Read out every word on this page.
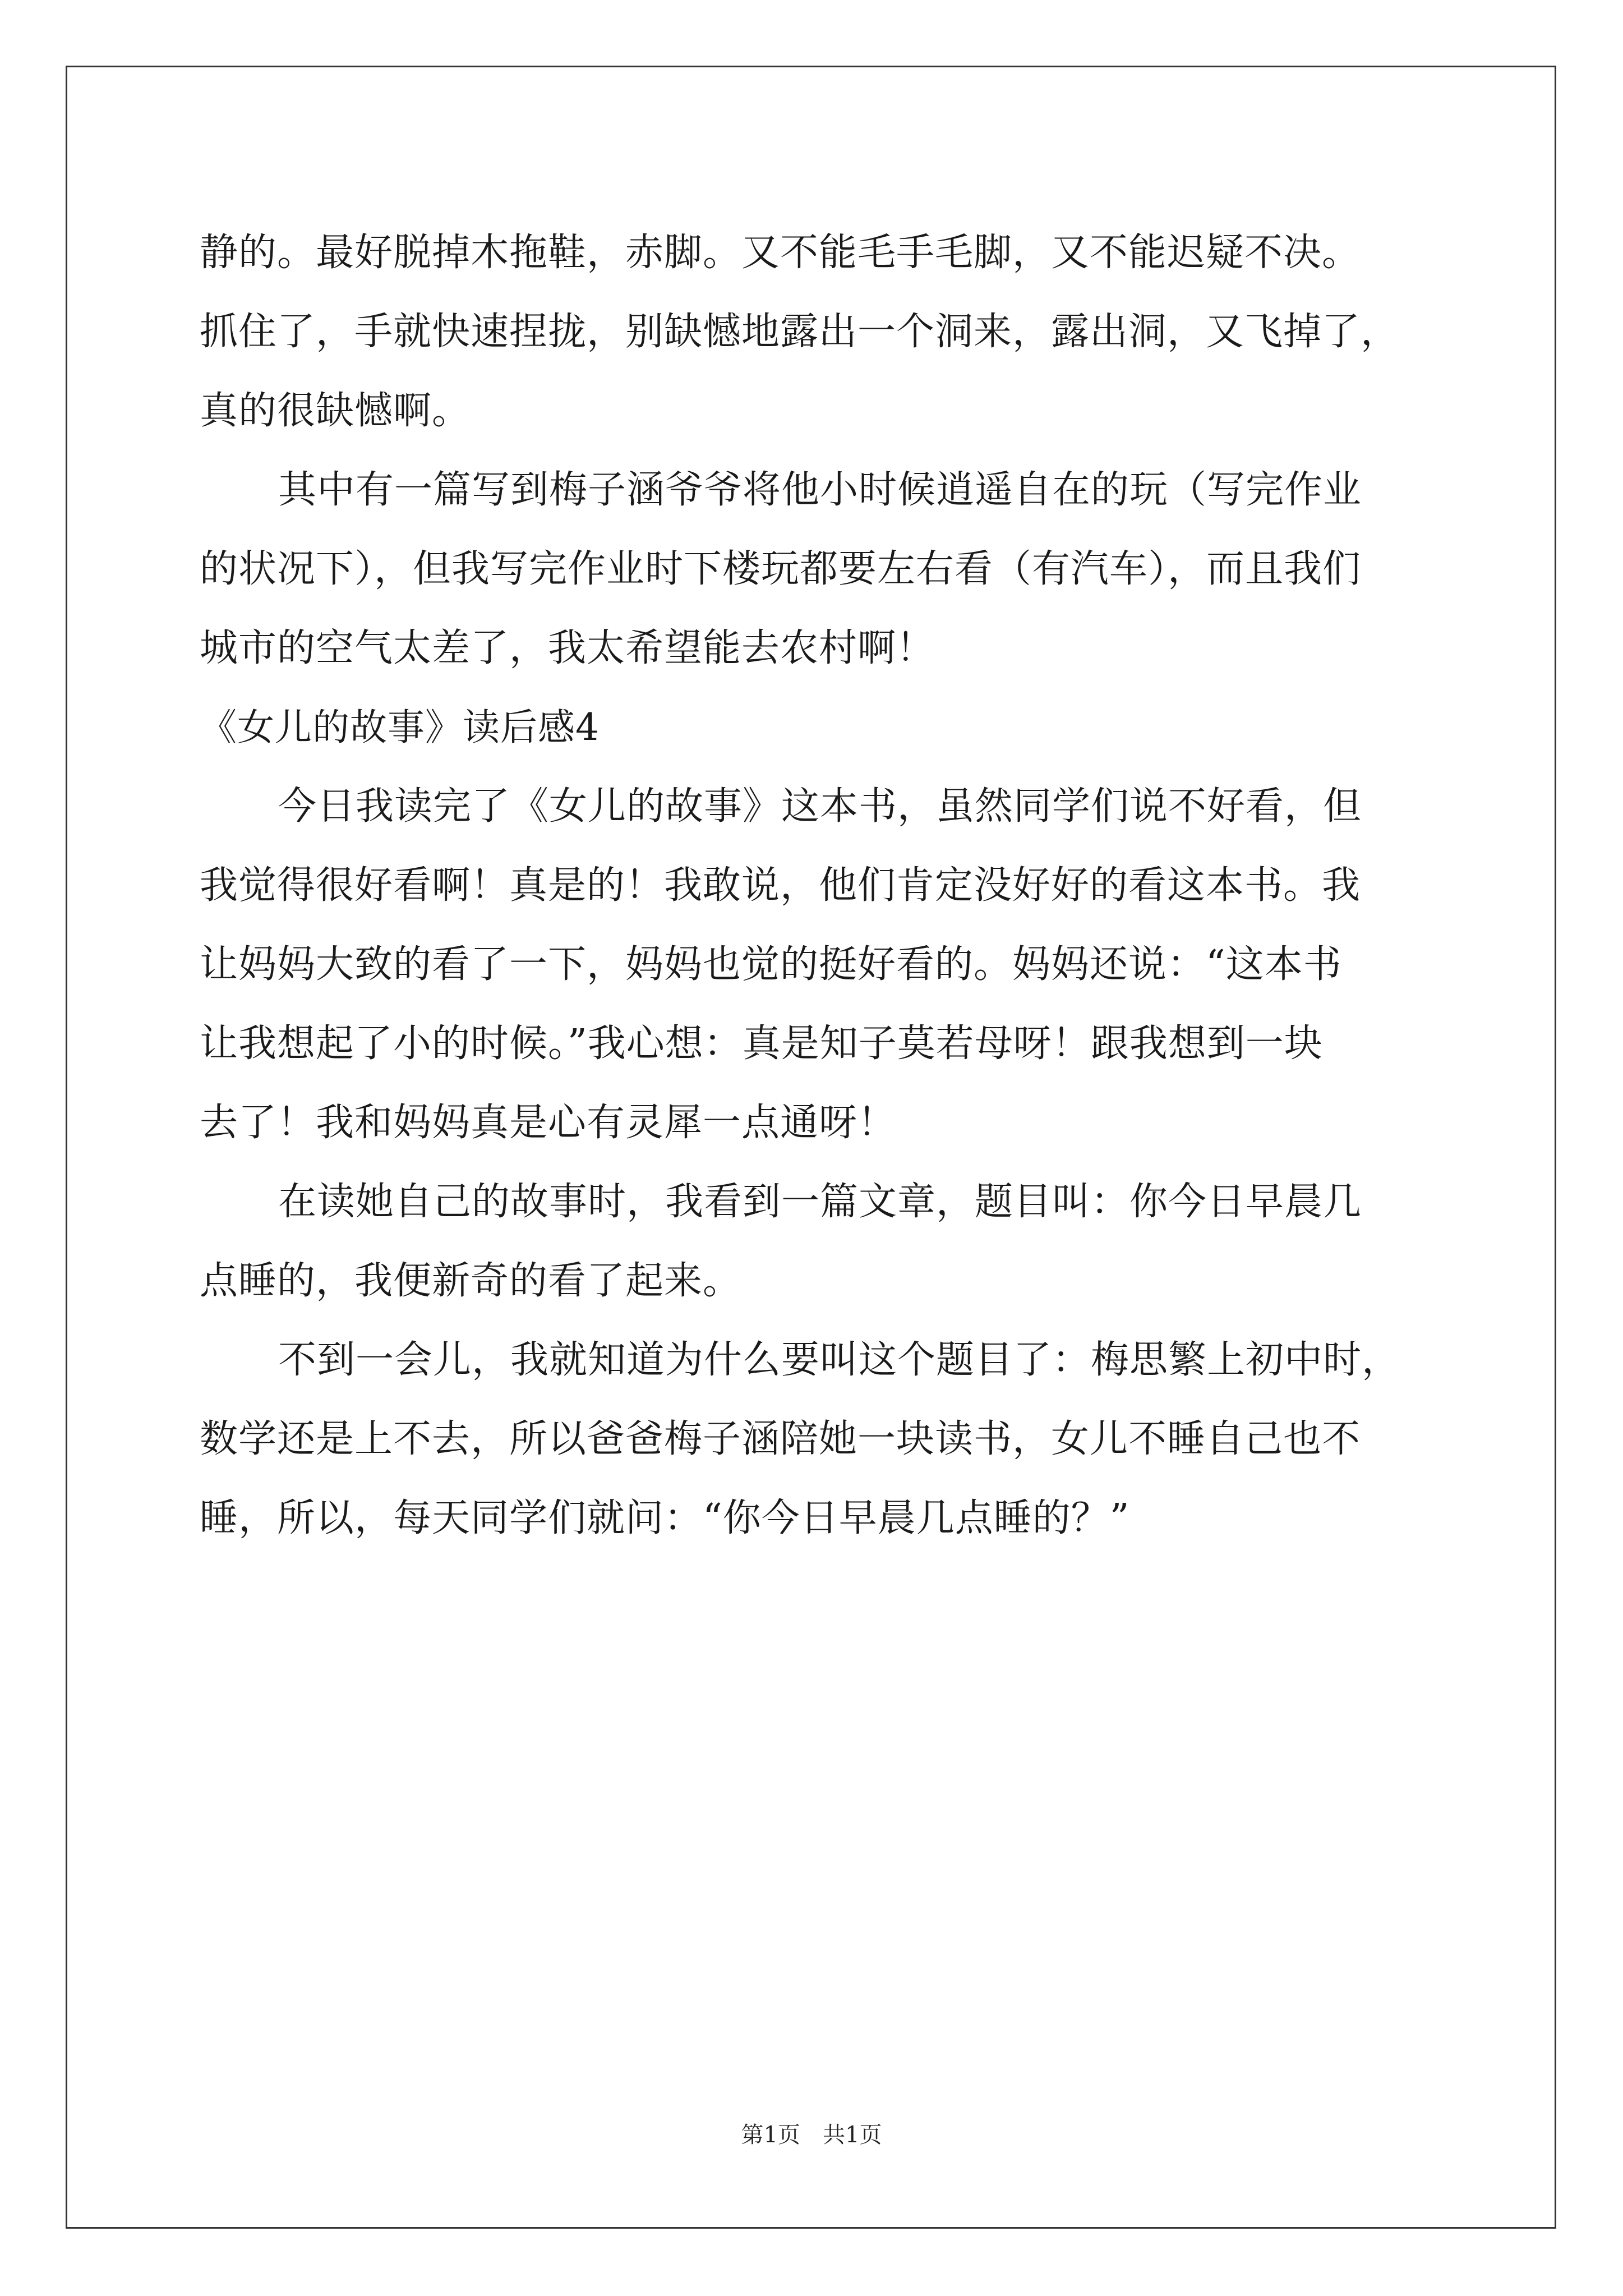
静的。最好脱掉木拖鞋，赤脚。又不能毛手毛脚，又不能迟疑不决。
抓住了，手就快速捏拢，别缺憾地露出一个洞来，露出洞，又飞掉了，
真的很缺憾啊。
其中有一篇写到梅子涵爷爷将他小时候逍遥自在的玩（写完作业
的状况下），但我写完作业时下楼玩都要左右看（有汽车），而且我们
城市的空气太差了，我太希望能去农村啊！
《女儿的故事》读后感4
今日我读完了《女儿的故事》这本书，虽然同学们说不好看，但
我觉得很好看啊！真是的！我敢说，他们肯定没好好的看这本书。我
让妈妈大致的看了一下，妈妈也觉的挺好看的。妈妈还说：“这本书
让我想起了小的时候。”我心想：真是知子莫若母呀！跟我想到一块
去了！我和妈妈真是心有灵犀一点通呀！
在读她自己的故事时，我看到一篇文章，题目叫：你今日早晨几
点睡的，我便新奇的看了起来。
不到一会儿，我就知道为什么要叫这个题目了：梅思繁上初中时，
数学还是上不去，所以爸爸梅子涵陪她一块读书，女儿不睡自己也不
睡，所以，每天同学们就问：“你今日早晨几点睡的？”
第1页　共1页
